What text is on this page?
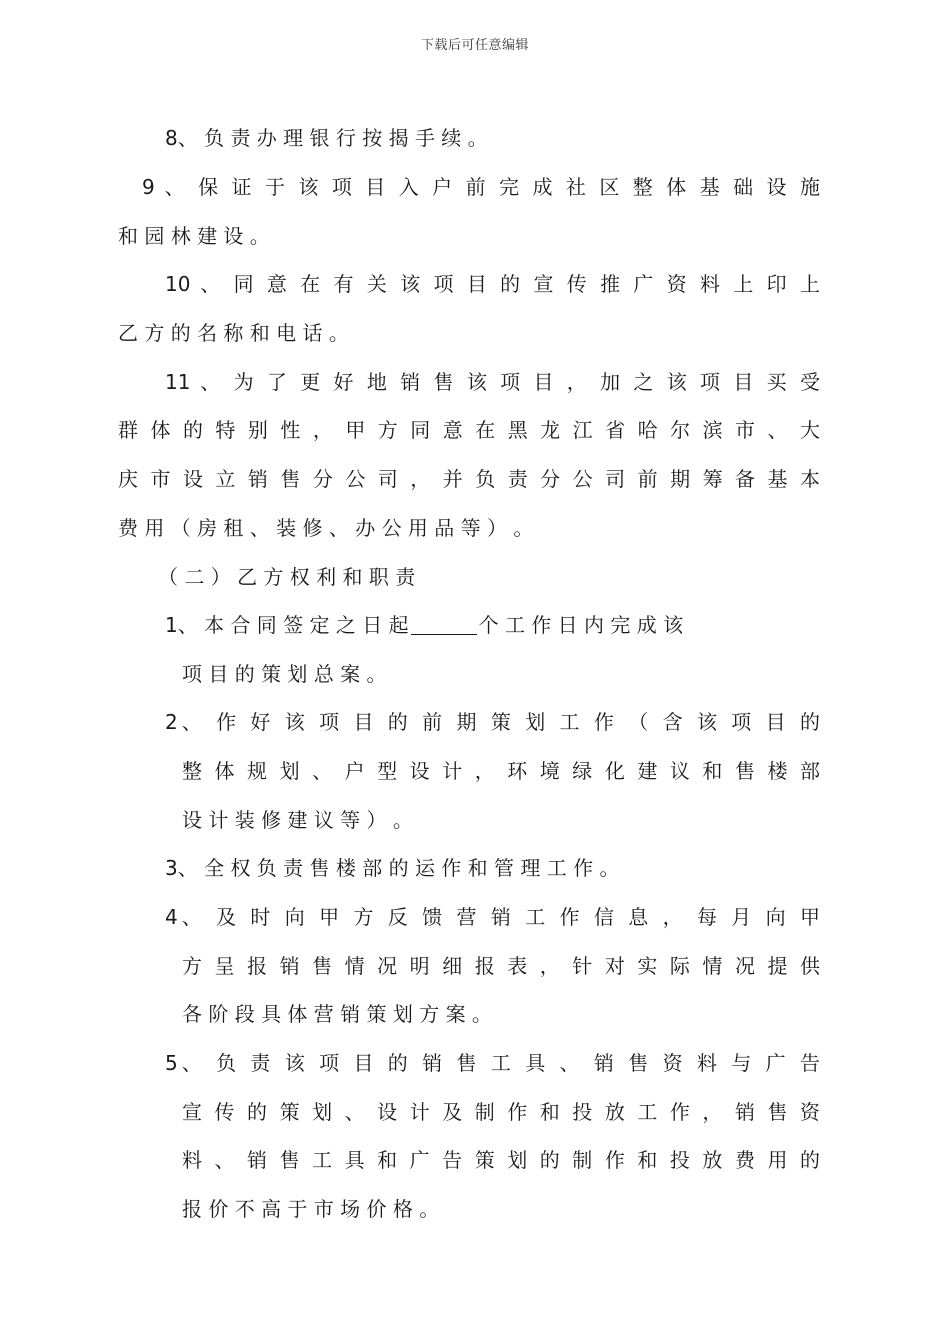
下载后可任意编辑
8、 负 责 办 理 银 行 按 揭 手 续 。
9 、 保 证 于 该 项 目 入 户 前 完 成 社 区 整 体 基 础 设 施
和 园 林 建 设 。
10 、 同 意 在 有 关 该 项 目 的 宣 传 推 广 资 料 上 印 上
乙 方 的 名 称 和 电 话 。
11 、 为 了 更 好 地 销 售 该 项 目 ， 加 之 该 项 目 买 受
群 体 的 特 别 性 ， 甲 方 同 意 在 黑 龙 江 省 哈 尔 滨 市 、 大
庆 市 设 立 销 售 分 公 司 ， 并 负 责 分 公 司 前 期 筹 备 基 本
费 用 （ 房 租 、 装 修 、 办 公 用 品 等 ） 。
（ 二 ） 乙 方 权 利 和 职 责
1、 本 合 同 签 定 之 日 起	个 工 作 日 内 完 成 该
项 目 的 策 划 总 案 。
2、 作 好 该 项 目 的 前 期 策 划 工 作 （ 含 该 项 目 的
整 体 规 划 、 户 型 设 计 ， 环 境 绿 化 建 议 和 售 楼 部
设 计 装 修 建 议 等 ） 。
3、 全 权 负 责 售 楼 部 的 运 作 和 管 理 工 作 。
4、 及 时 向 甲 方 反 馈 营 销 工 作 信 息 ， 每 月 向 甲
方 呈 报 销 售 情 况 明 细 报 表 ， 针 对 实 际 情 况 提 供
各 阶 段 具 体 营 销 策 划 方 案 。
5、 负 责 该 项 目 的 销 售 工 具 、 销 售 资 料 与 广 告
宣 传 的 策 划 、 设 计 及 制 作 和 投 放 工 作 ， 销 售 资
料 、 销 售 工 具 和 广 告 策 划 的 制 作 和 投 放 费 用 的
报 价 不 高 于 市 场 价 格 。
